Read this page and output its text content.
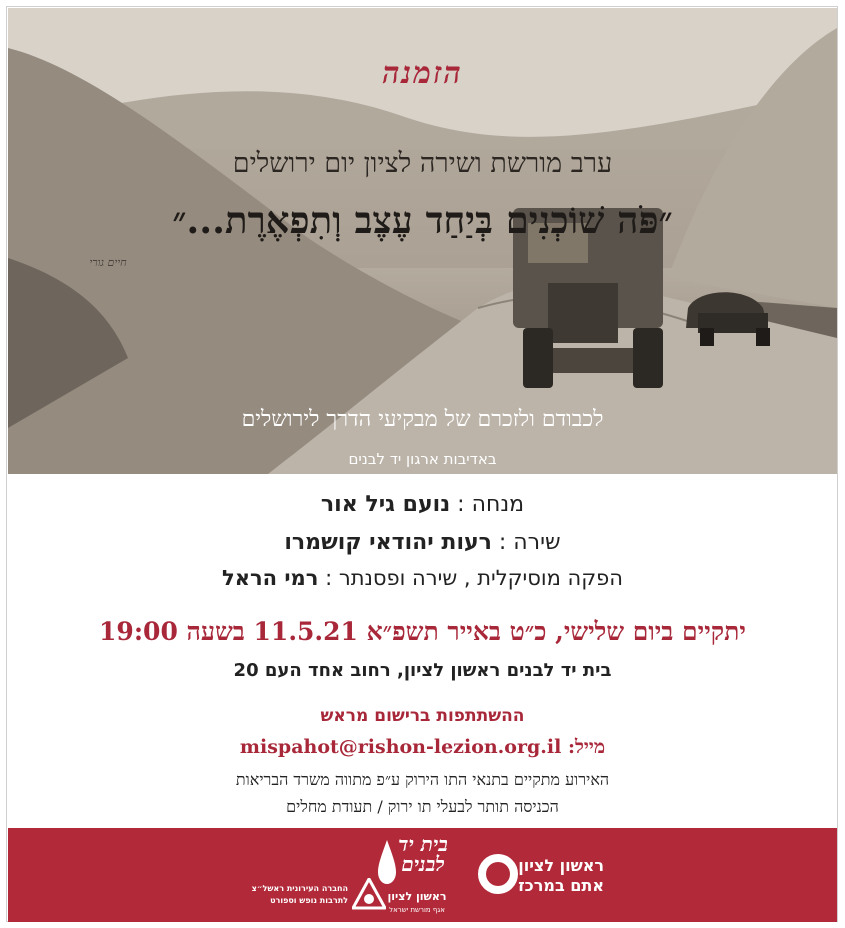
הזמנה
ערב מורשת ושירה לציון יום ירושלים
״פֹּה שׁוֹכְנִים בְּיַחַד עֶצֶב וְתִפְאֶרֶת...״
חיים גורי
לכבודם ולזכרם של מבקיעי הדרך לירושלים
באדיבות ארגון יד לבנים
מנחה : נועם גיל אור
שירה : רעות יהודאי קושמרו
הפקה מוסיקלית , שירה ופסנתר : רמי הראל
יתקיים ביום שלישי, כ״ט באייר תשפ״א 11.5.21 בשעה 19:00
בית יד לבנים ראשון לציון, רחוב אחד העם 20
ההשתתפות ברישום מראש
מייל: mispahot@rishon-lezion.org.il
האירוע מתקיים בתנאי התו הירוק ע״פ מתווה משרד הבריאות
הכניסה תותר לבעלי תו ירוק / תעודת מחלים
ראשון לציון
אתם במרכז
בית יד
לבנים
ראשון לציון
אגף מורשת ישראל
החברה העירונית ראשל״צ
לתרבות נופש וספורט
